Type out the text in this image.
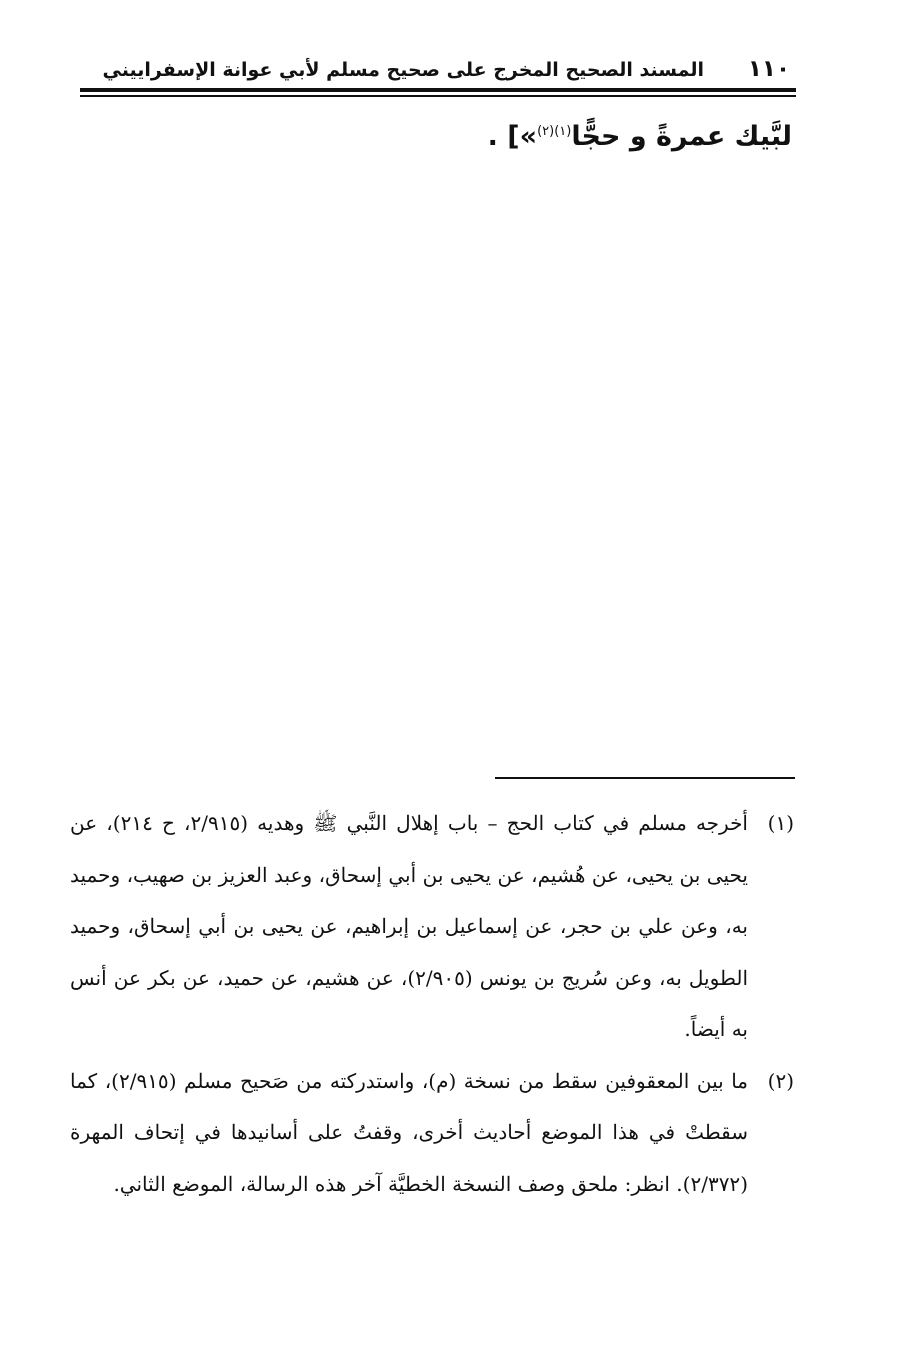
١١٠
المسند الصحيح المخرج على صحيح مسلم لأبي عوانة الإسفراييني
لبَّيك عمرةً و حجًّا$^{(١)(٢)}$»] .
(١)
أخرجه مسلم في كتاب الحج – باب إهلال النَّبي ﷺ وهديه (٢/٩١٥، ح ٢١٤)، عن يحيى بن يحيى، عن هُشيم، عن يحيى بن أبي إسحاق، وعبد العزيز بن صهيب، وحميد به، وعن علي بن حجر، عن إسماعيل بن إبراهيم، عن يحيى بن أبي إسحاق، وحميد الطويل به، وعن سُريج بن يونس (٢/٩٠٥)، عن هشيم، عن حميد، عن بكر عن أنس به أيضاً.
(٢)
ما بين المعقوفين سقط من نسخة (م)، واستدركته من صَحيح مسلم (٢/٩١٥)، كما سقطتْ في هذا الموضع أحاديث أخرى، وقفتُ على أسانيدها في إتحاف المهرة (٢/٣٧٢). انظر: ملحق وصف النسخة الخطيَّة آخر هذه الرسالة، الموضع الثاني.
